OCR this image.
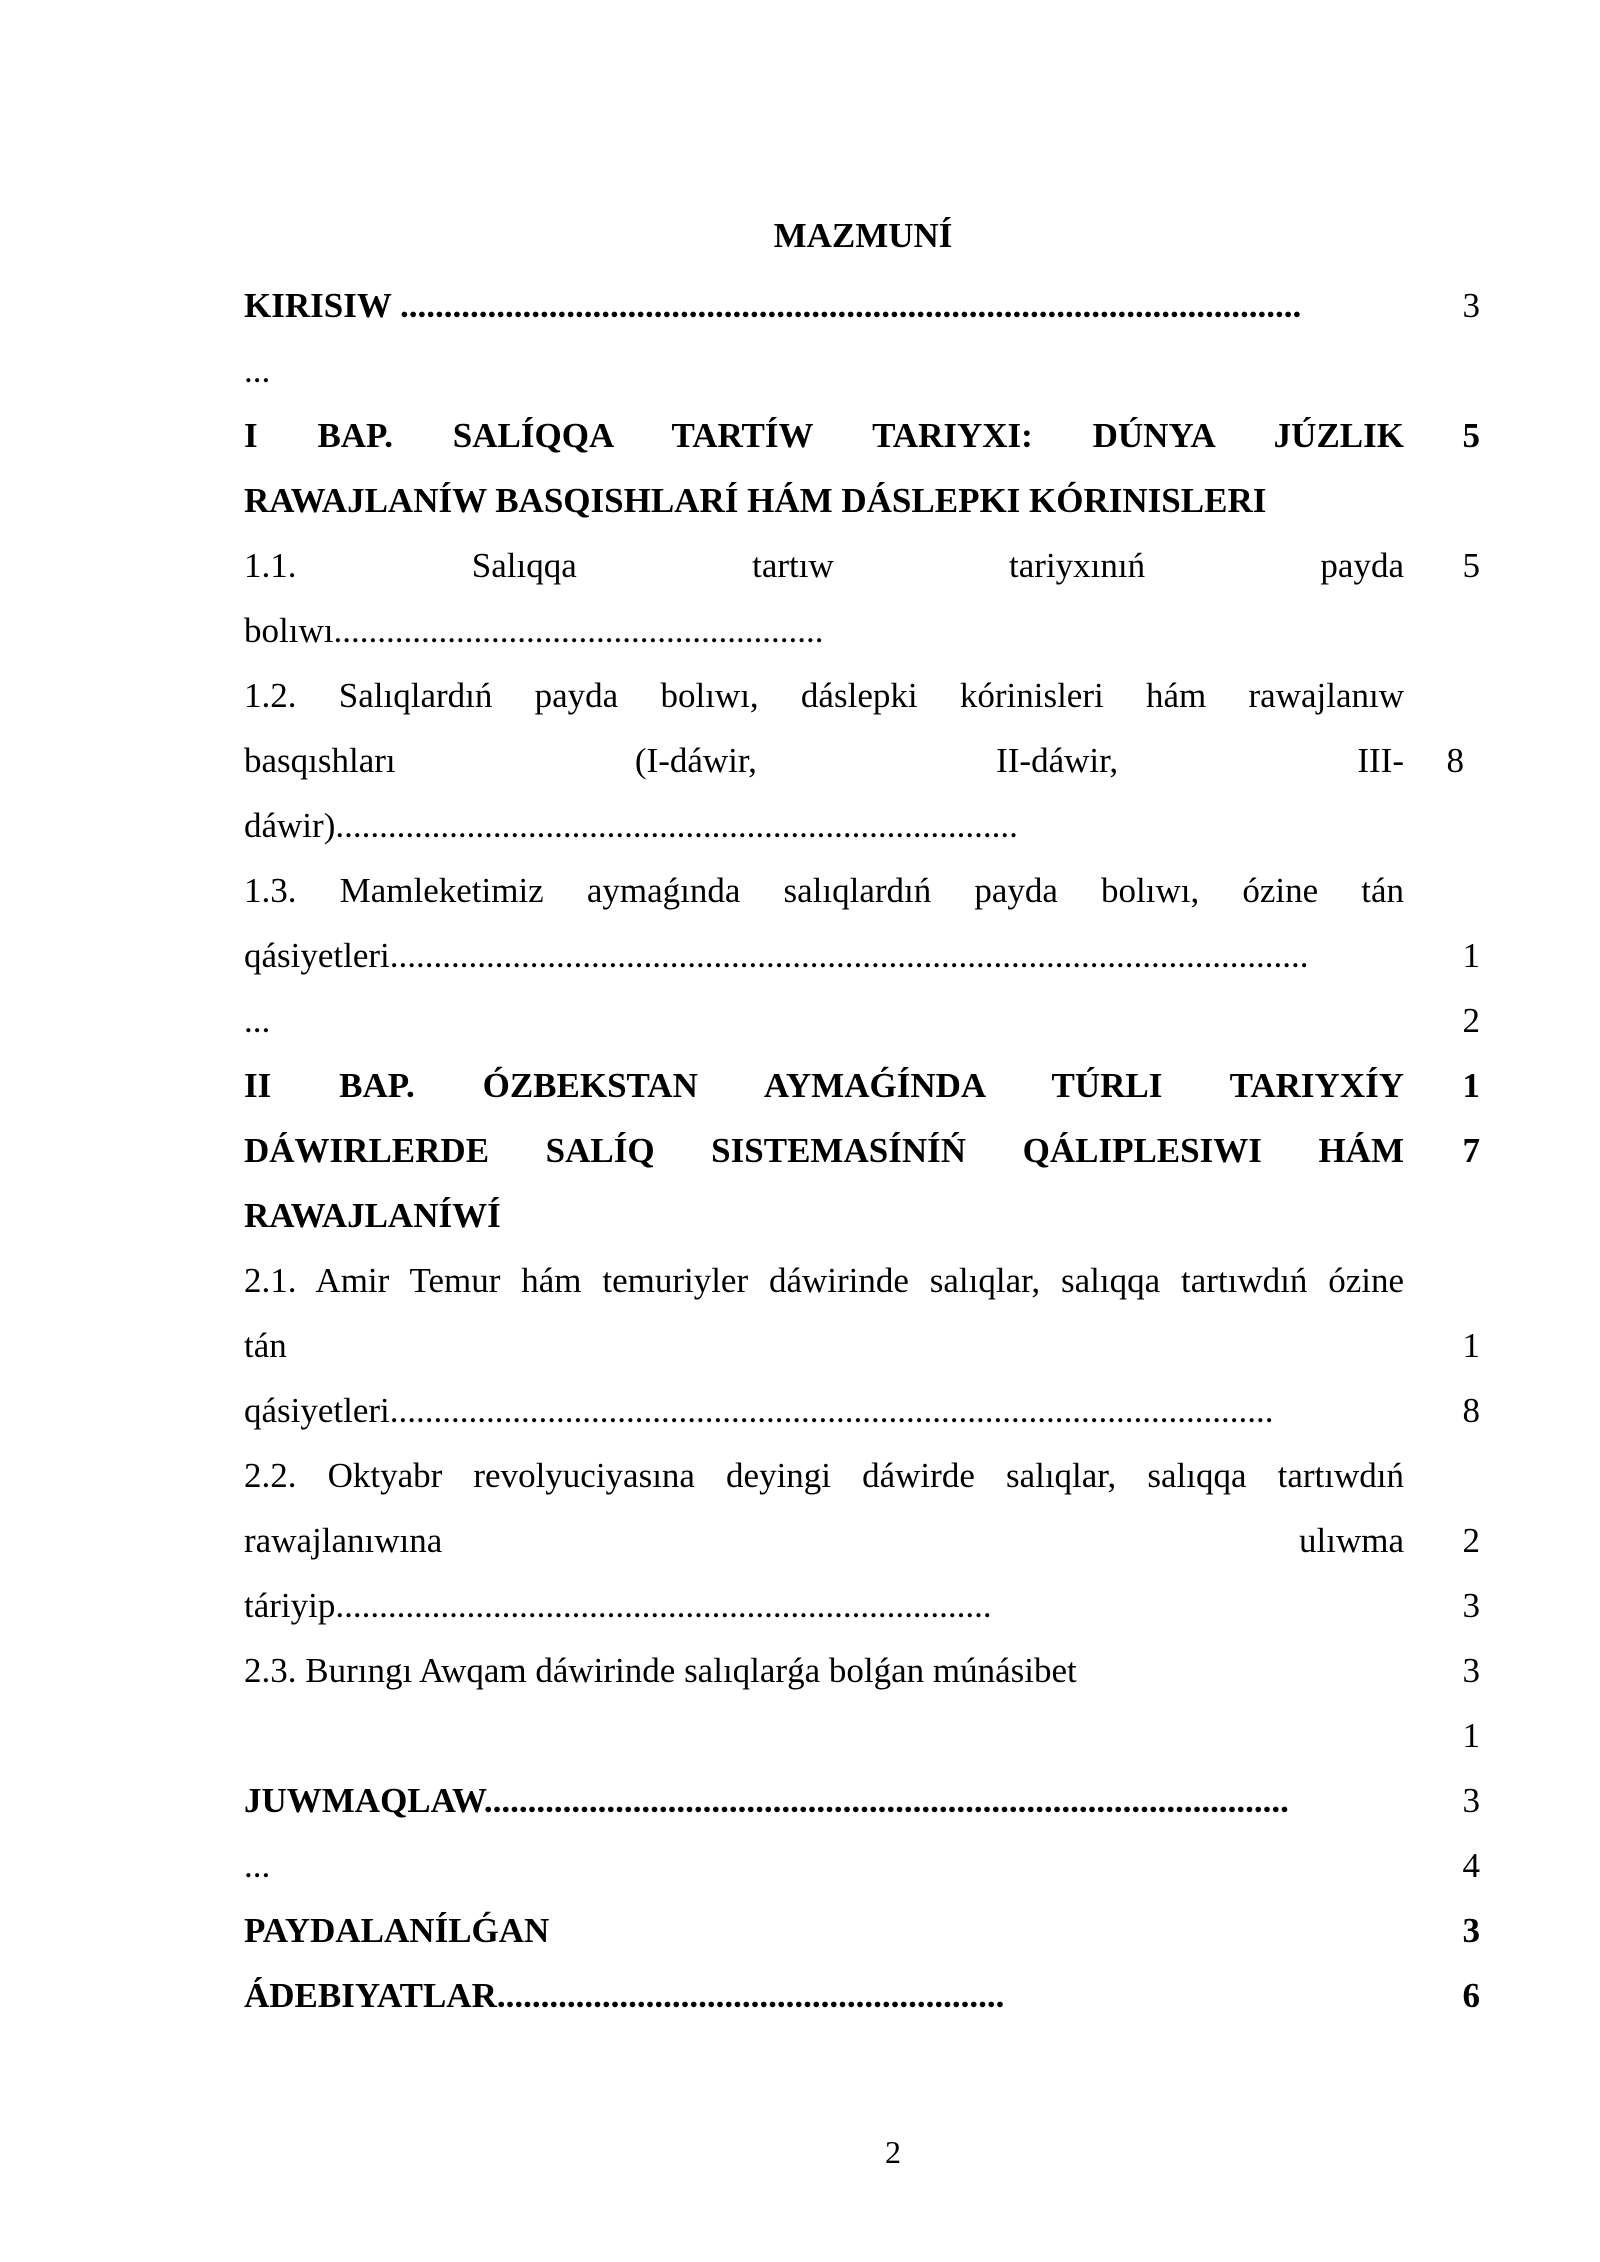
MAZMUNÍ
KIRISIW .......................................................................................................
...
I BAP. SALÍQQA TARTÍW TARIYXI: DÚNYA JÚZLIK
RAWAJLANÍW BASQISHLARÍ HÁM DÁSLEPKI KÓRINISLERI
1.1. Salıqqa tartıw tariyxınıń payda
bolıwı........................................................
1.2. Salıqlardıń payda bolıwı, dáslepki kórinisleri hám rawajlanıw
basqıshları (I-dáwir, II-dáwir, III-
dáwir)..............................................................................
1.3. Mamleketimiz aymaǵında salıqlardıń payda bolıwı, ózine tán
qásiyetleri.........................................................................................................
...
II BAP. ÓZBEKSTAN AYMAǴÍNDA TÚRLI TARIYXÍY
DÁWIRLERDE SALÍQ SISTEMASÍNÍŃ QÁLIPLESIWI HÁM
RAWAJLANÍWÍ
2.1. Amir Temur hám temuriyler dáwirinde salıqlar, salıqqa tartıwdıń ózine
tán
qásiyetleri.....................................................................................................
2.2. Oktyabr revolyuciyasına deyingi dáwirde salıqlar, salıqqa tartıwdıń
rawajlanıwına ulıwma
táriyip...........................................................................
2.3. Burıngı Awqam dáwirinde salıqlarǵa bolǵan múnásibet
JUWMAQLAW............................................................................................
...
PAYDALANÍLǴAN
ÁDEBIYATLAR..........................................................
3
5
5
8
1
2
1
7
1
8
2
3
3
1
3
4
3
6
2
